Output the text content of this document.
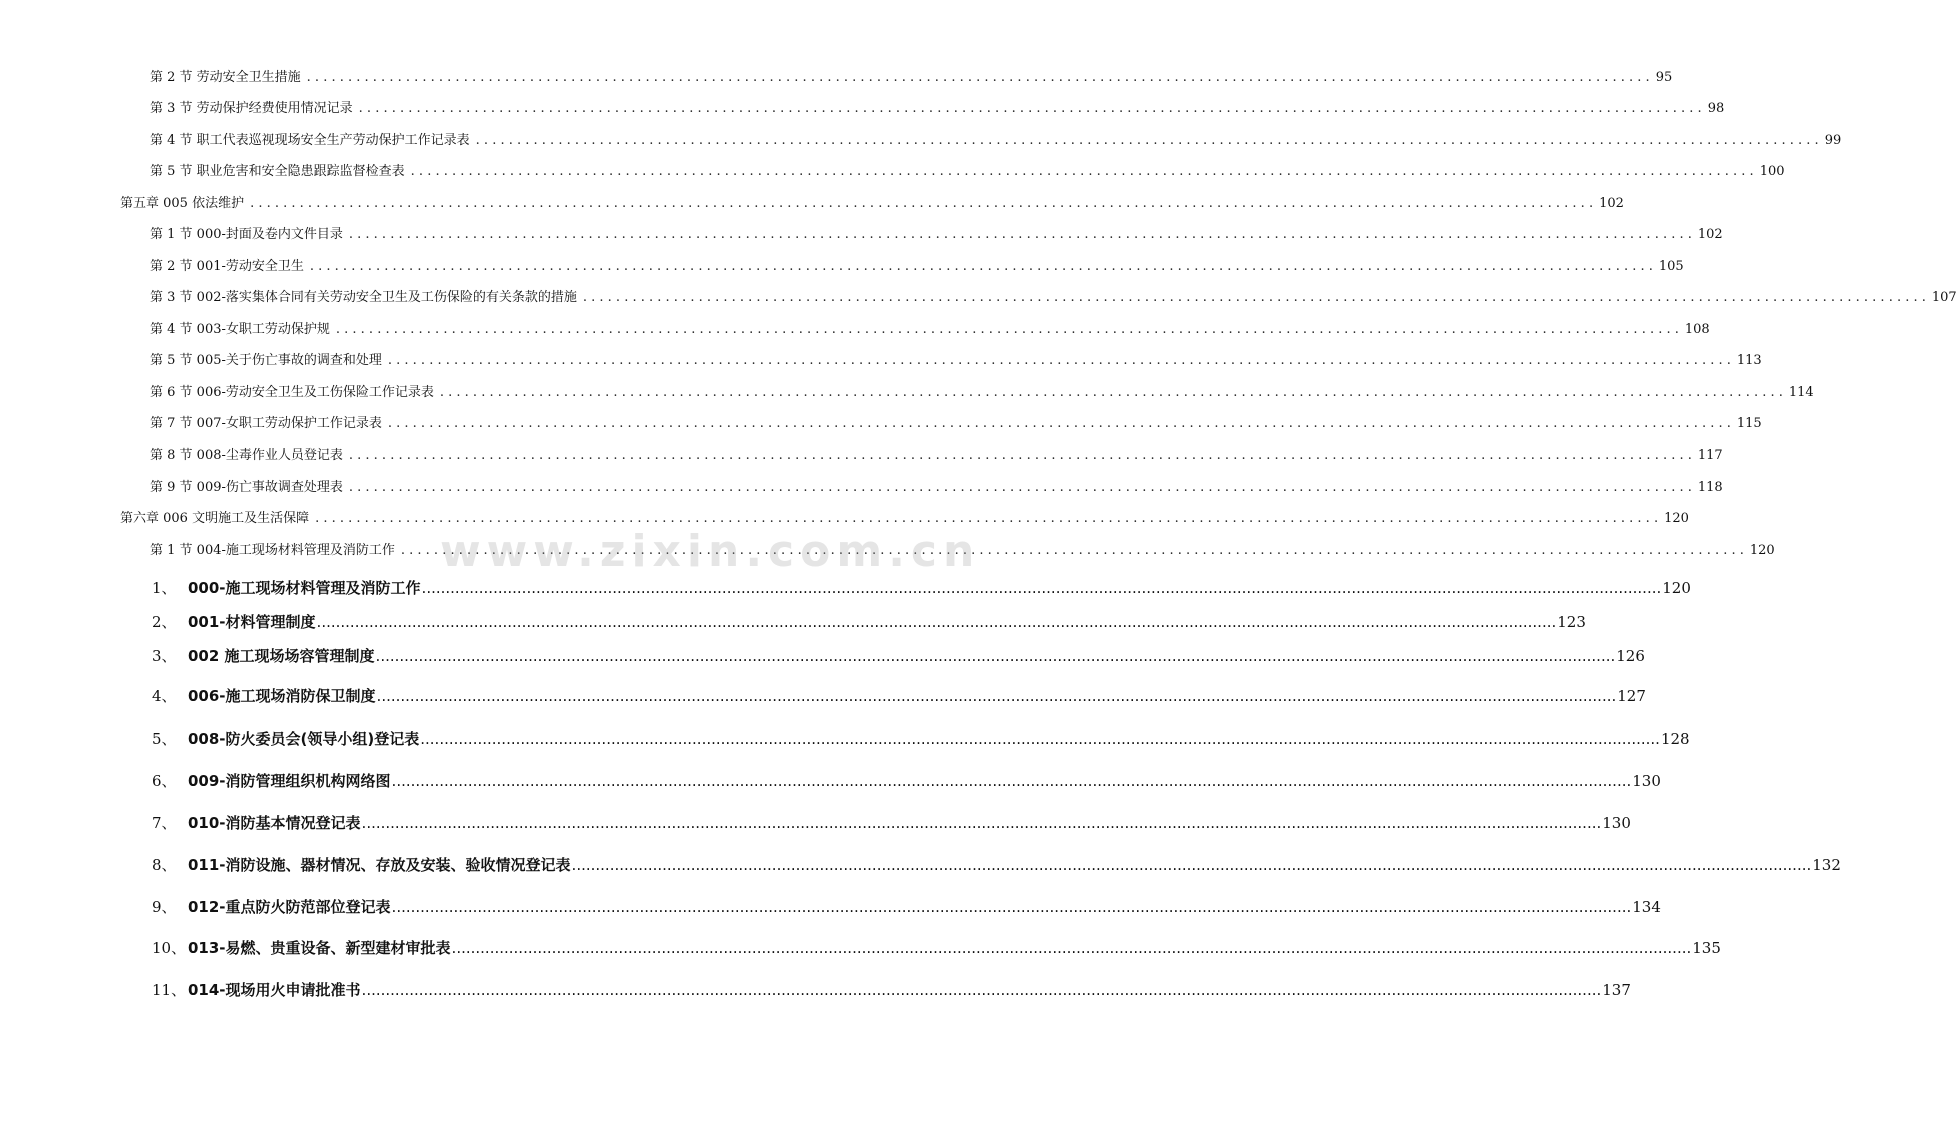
第 2 节 劳动安全卫生措施 . . .	95
第 3 节 劳动保护经费使用情况记录 . . .	98
第 4 节 职工代表巡视现场安全生产劳动保护工作记录表 . . .	99
第 5 节 职业危害和安全隐患跟踪监督检查表 . . .	100
第五章 005 依法维护 . . .	102
第 1 节 000-封面及卷内文件目录 . . .	102
第 2 节 001-劳动安全卫生 . . .	105
第 3 节 002-落实集体合同有关劳动安全卫生及工伤保险的有关条款的措施 . . .	107
第 4 节 003-女职工劳动保护规 . . .	108
第 5 节 005-关于伤亡事故的调查和处理 . . .	113
第 6 节 006-劳动安全卫生及工伤保险工作记录表 . . .	114
第 7 节 007-女职工劳动保护工作记录表 . . .	115
第 8 节 008-尘毒作业人员登记表 . . .	117
第 9 节 009-伤亡事故调查处理表 . . .	118
第六章 006 文明施工及生活保障 . . .	120
第 1 节 004-施工现场材料管理及消防工作 . . .	120
1、 000-施工现场材料管理及消防工作 .....	120
2、 001-材料管理制度 .....	123
3、 002 施工现场场容管理制度 .....	126
4、 006-施工现场消防保卫制度 .....	127
5、 008-防火委员会(领导小组)登记表 .....	128
6、 009-消防管理组织机构网络图 .....	130
7、 010-消防基本情况登记表 .....	130
8、 011-消防设施、器材情况、存放及安装、验收情况登记表 .....	132
9、 012-重点防火防范部位登记表 .....	134
10、 013-易燃、贵重设备、新型建材审批表 .....	135
11、 014-现场用火申请批准书 .....	137
www.zixin.com.cn
